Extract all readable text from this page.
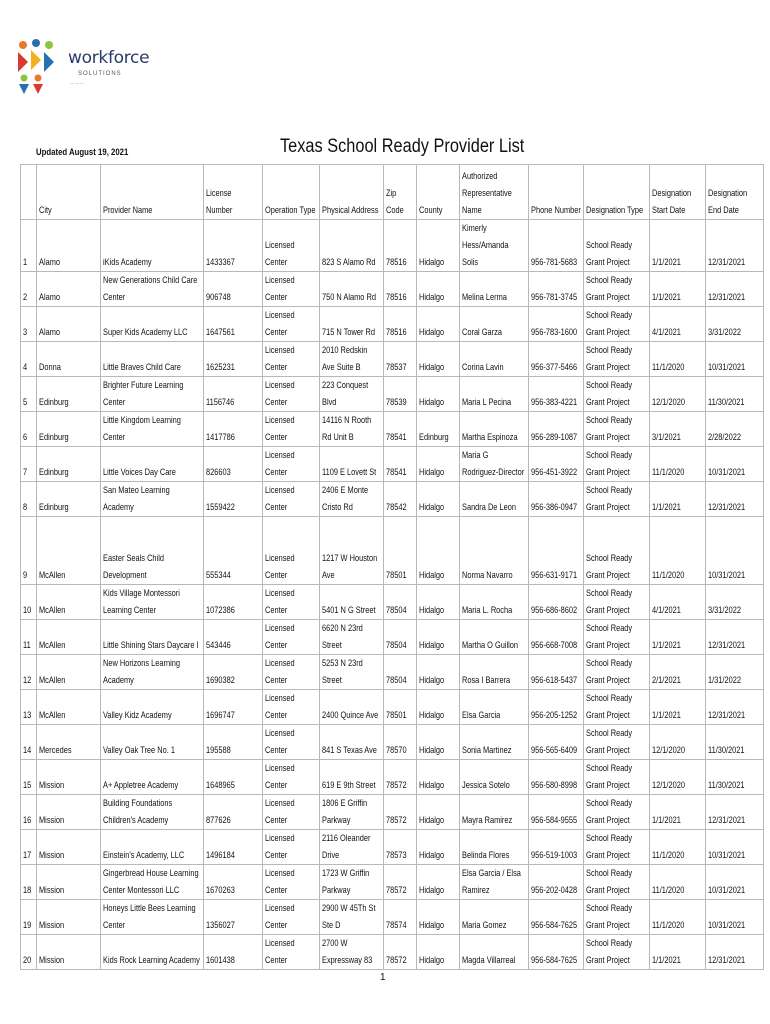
workforce
SOLUTIONS
— — —
Updated August 19, 2021	Texas School Ready Provider List

	City	Provider Name	License Number	Operation Type	Physical Address	Zip Code	County	Authorized Representative Name	Phone Number	Designation Type	Designation Start Date	Designation End Date

1	Alamo	iKids Academy	1433367	Licensed Center	823 S Alamo Rd	78516	Hidalgo	Kimerly Hess/Amanda Solis	956-781-5683	School Ready Grant Project	1/1/2021	12/31/2021

2	Alamo	New Generations Child Care Center	906748	Licensed Center	750 N Alamo Rd	78516	Hidalgo	Melina Lerma	956-781-3745	School Ready Grant Project	1/1/2021	12/31/2021

3	Alamo	Super Kids Academy LLC	1647561	Licensed Center	715 N Tower Rd	78516	Hidalgo	Coral Garza	956-783-1600	School Ready Grant Project	4/1/2021	3/31/2022

4	Donna	Little Braves Child Care	1625231	Licensed Center	2010 Redskin Ave Suite B	78537	Hidalgo	Corina Lavin	956-377-5466	School Ready Grant Project	11/1/2020	10/31/2021

5	Edinburg	Brighter Future Learning Center	1156746	Licensed Center	223 Conquest Blvd	78539	Hidalgo	Maria L Pecina	956-383-4221	School Ready Grant Project	12/1/2020	11/30/2021

6	Edinburg	Little Kingdom Learning Center	1417786	Licensed Center	14116 N Rooth Rd Unit B	78541	Edinburg	Martha Espinoza	956-289-1087	School Ready Grant Project	3/1/2021	2/28/2022

7	Edinburg	Little Voices Day Care	826603	Licensed Center	1109 E Lovett St	78541	Hidalgo	Maria G Rodriguez-Director	956-451-3922	School Ready Grant Project	11/1/2020	10/31/2021

8	Edinburg	San Mateo Learning Academy	1559422	Licensed Center	2406 E Monte Cristo Rd	78542	Hidalgo	Sandra De Leon	956-386-0947	School Ready Grant Project	1/1/2021	12/31/2021

9	McAllen	Easter Seals Child Development	555344	Licensed Center	1217 W Houston Ave	78501	Hidalgo	Norma Navarro	956-631-9171	School Ready Grant Project	11/1/2020	10/31/2021

10	McAllen	Kids Village Montessori Learning Center	1072386	Licensed Center	5401 N G Street	78504	Hidalgo	Maria L. Rocha	956-686-8602	School Ready Grant Project	4/1/2021	3/31/2022

11	McAllen	Little Shining Stars Daycare I	543446	Licensed Center	6620 N 23rd Street	78504	Hidalgo	Martha O Guillon	956-668-7008	School Ready Grant Project	1/1/2021	12/31/2021

12	McAllen	New Horizons Learning Academy	1690382	Licensed Center	5253 N 23rd Street	78504	Hidalgo	Rosa I Barrera	956-618-5437	School Ready Grant Project	2/1/2021	1/31/2022

13	McAllen	Valley Kidz Academy	1696747	Licensed Center	2400 Quince Ave	78501	Hidalgo	Elsa Garcia	956-205-1252	School Ready Grant Project	1/1/2021	12/31/2021

14	Mercedes	Valley Oak Tree No. 1	195588	Licensed Center	841 S Texas Ave	78570	Hidalgo	Sonia Martinez	956-565-6409	School Ready Grant Project	12/1/2020	11/30/2021

15	Mission	A+ Appletree Academy	1648965	Licensed Center	619 E 9th Street	78572	Hidalgo	Jessica Sotelo	956-580-8998	School Ready Grant Project	12/1/2020	11/30/2021

16	Mission	Building Foundations Children's Academy	877626	Licensed Center	1806 E Griffin Parkway	78572	Hidalgo	Mayra Ramirez	956-584-9555	School Ready Grant Project	1/1/2021	12/31/2021

17	Mission	Einstein's Academy, LLC	1496184	Licensed Center	2116 Oleander Drive	78573	Hidalgo	Belinda Flores	956-519-1003	School Ready Grant Project	11/1/2020	10/31/2021

18	Mission	Gingerbread House Learning Center Montessori LLC	1670263	Licensed Center	1723 W Griffin Parkway	78572	Hidalgo	Elsa Garcia / Elsa Ramirez	956-202-0428	School Ready Grant Project	11/1/2020	10/31/2021

19	Mission	Honeys Little Bees Learning Center	1356027	Licensed Center	2900 W 45Th St Ste D	78574	Hidalgo	Maria Gomez	956-584-7625	School Ready Grant Project	11/1/2020	10/31/2021

20	Mission	Kids Rock Learning Academy	1601438	Licensed Center	2700 W Expressway 83	78572	Hidalgo	Magda Villarreal	956-584-7625	School Ready Grant Project	1/1/2021	12/31/2021
1
